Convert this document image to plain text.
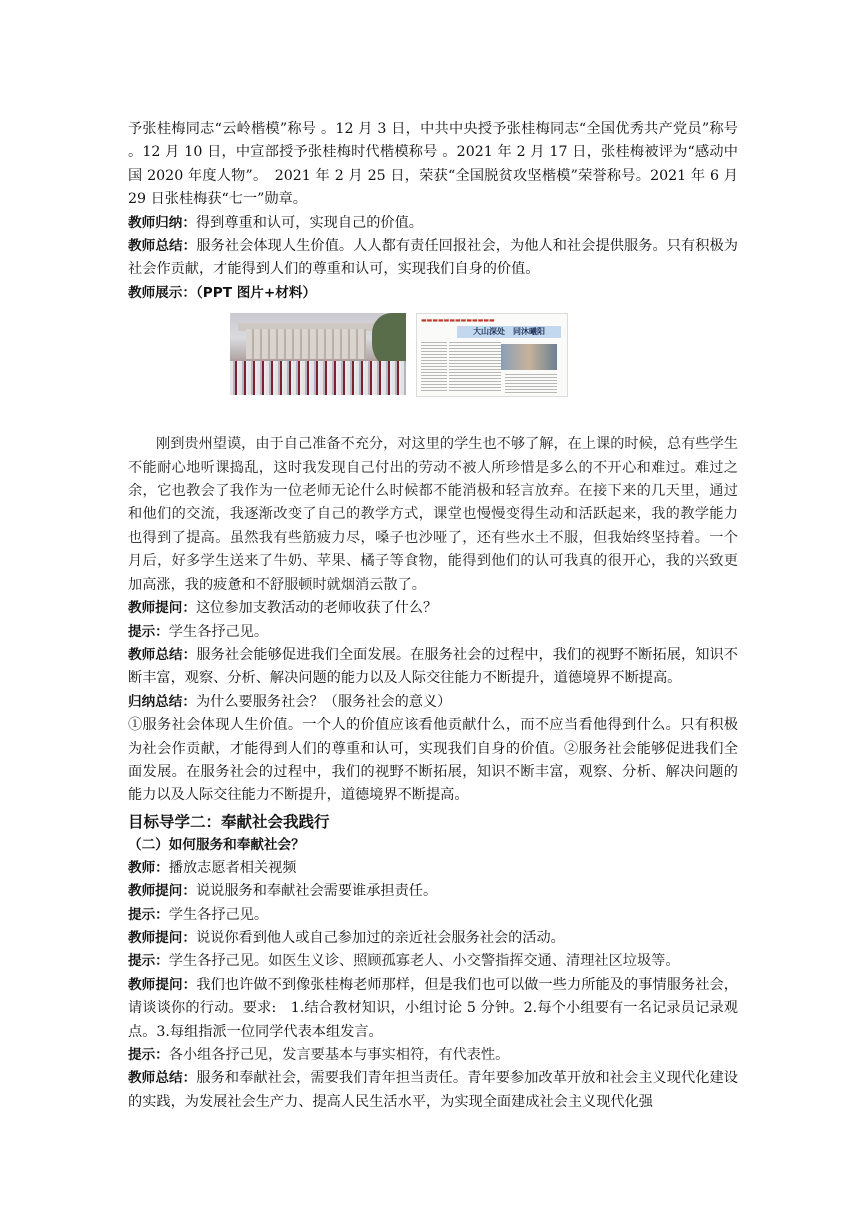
予张桂梅同志“云岭楷模”称号 。12 月 3 日，中共中央授予张桂梅同志“全国优秀共产党员”称号 。12 月 10 日，中宣部授予张桂梅时代楷模称号 。2021 年 2 月 17 日，张桂梅被评为“感动中国 2020 年度人物”。　2021 年 2 月 25 日，荣获“全国脱贫攻坚楷模”荣誉称号。2021 年 6 月 29 日张桂梅获“七一”勋章。

教师归纳：得到尊重和认可，实现自己的价值。

教师总结：服务社会体现人生价值。人人都有责任回报社会，为他人和社会提供服务。只有积极为社会作贡献，才能得到人们的尊重和认可，实现我们自身的价值。

教师展示：（PPT 图片+材料）

▬▬▬▬▬▬▬▬▬▬▬▬▬
大山深处　同沐曦阳

刚到贵州望谟，由于自己准备不充分，对这里的学生也不够了解，在上课的时候，总有些学生不能耐心地听课捣乱，这时我发现自己付出的劳动不被人所珍惜是多么的不开心和难过。难过之余，它也教会了我作为一位老师无论什么时候都不能消极和轻言放弃。在接下来的几天里，通过和他们的交流，我逐渐改变了自己的教学方式，课堂也慢慢变得生动和活跃起来，我的教学能力也得到了提高。虽然我有些筋疲力尽，嗓子也沙哑了，还有些水土不服，但我始终坚持着。一个月后，好多学生送来了牛奶、苹果、橘子等食物，能得到他们的认可我真的很开心，我的兴致更加高涨，我的疲惫和不舒服顿时就烟消云散了。

教师提问：这位参加支教活动的老师收获了什么？

提示：学生各抒己见。

教师总结：服务社会能够促进我们全面发展。在服务社会的过程中，我们的视野不断拓展，知识不断丰富，观察、分析、解决问题的能力以及人际交往能力不断提升，道德境界不断提高。

归纳总结：为什么要服务社会？（服务社会的意义）

①服务社会体现人生价值。一个人的价值应该看他贡献什么，而不应当看他得到什么。只有积极为社会作贡献，才能得到人们的尊重和认可，实现我们自身的价值。②服务社会能够促进我们全面发展。在服务社会的过程中，我们的视野不断拓展，知识不断丰富，观察、分析、解决问题的能力以及人际交往能力不断提升，道德境界不断提高。

目标导学二：奉献社会我践行

（二）如何服务和奉献社会？

教师：播放志愿者相关视频

教师提问：说说服务和奉献社会需要谁承担责任。

提示：学生各抒己见。

教师提问：说说你看到他人或自己参加过的亲近社会服务社会的活动。

提示：学生各抒己见。如医生义诊、照顾孤寡老人、小交警指挥交通、清理社区垃圾等。

教师提问：我们也许做不到像张桂梅老师那样，但是我们也可以做一些力所能及的事情服务社会，请谈谈你的行动。要求:　1.结合教材知识，小组讨论 5 分钟。2.每个小组要有一名记录员记录观点。3.每组指派一位同学代表本组发言。

提示：各小组各抒己见，发言要基本与事实相符，有代表性。

教师总结：服务和奉献社会，需要我们青年担当责任。青年要参加改革开放和社会主义现代化建设的实践，为发展社会生产力、提高人民生活水平，为实现全面建成社会主义现代化强
